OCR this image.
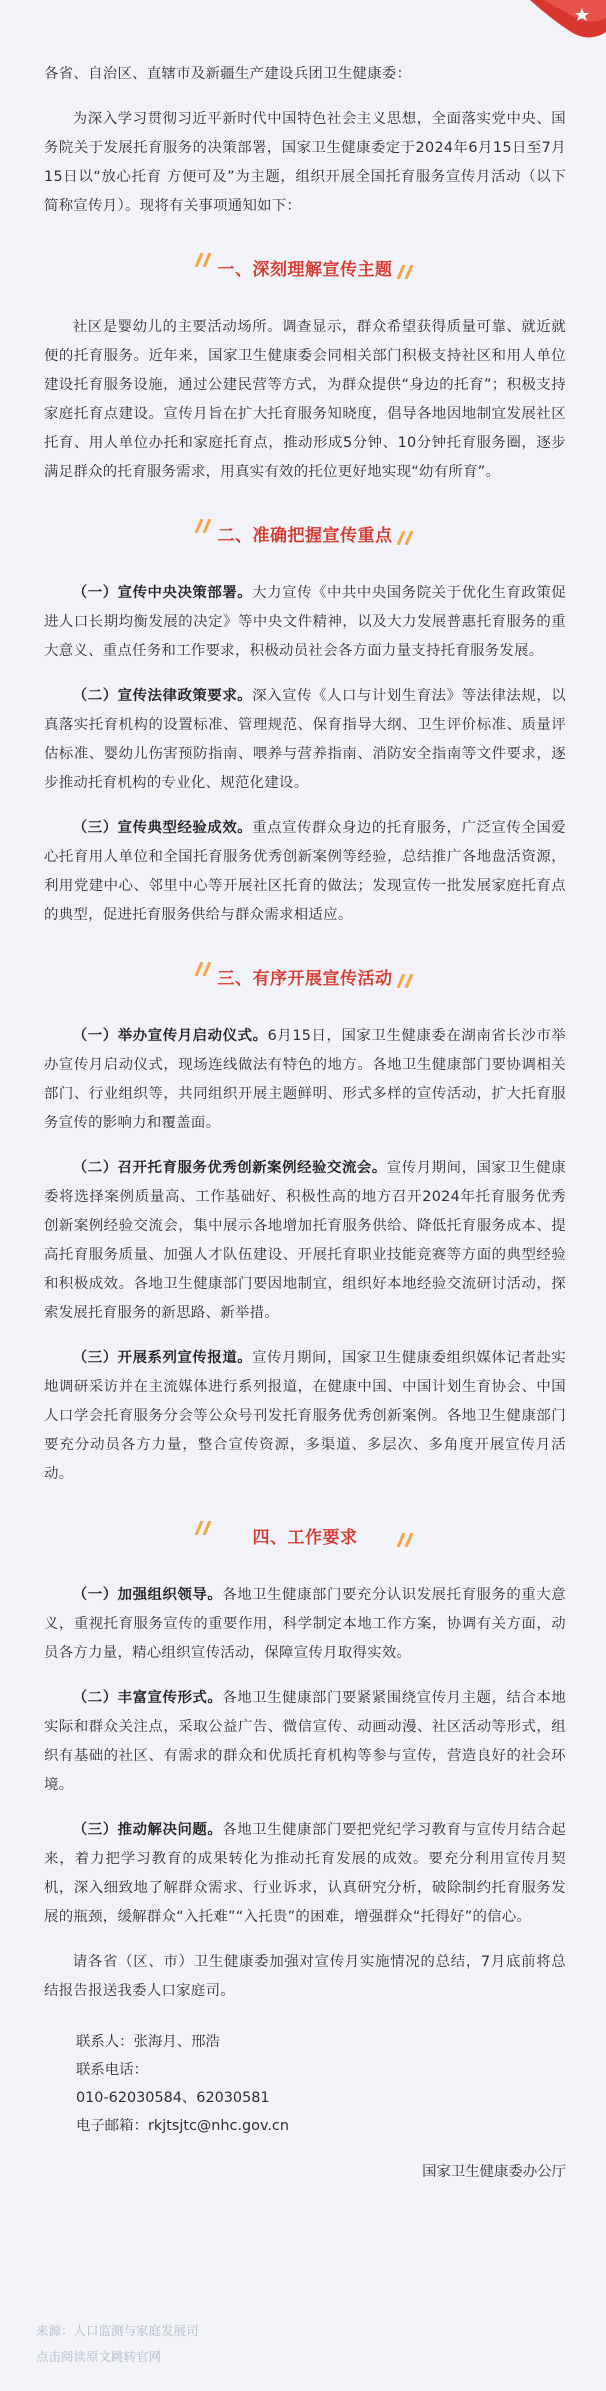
各省、自治区、直辖市及新疆生产建设兵团卫生健康委：

为深入学习贯彻习近平新时代中国特色社会主义思想，全面落实党中央、国务院关于发展托育服务的决策部署，国家卫生健康委定于2024年6月15日至7月15日以“放心托育 方便可及”为主题，组织开展全国托育服务宣传月活动（以下简称宣传月）。现将有关事项通知如下：

一、深刻理解宣传主题

社区是婴幼儿的主要活动场所。调查显示，群众希望获得质量可靠、就近就便的托育服务。近年来，国家卫生健康委会同相关部门积极支持社区和用人单位建设托育服务设施，通过公建民营等方式，为群众提供“身边的托育”；积极支持家庭托育点建设。宣传月旨在扩大托育服务知晓度，倡导各地因地制宜发展社区托育、用人单位办托和家庭托育点，推动形成5分钟、10分钟托育服务圈，逐步满足群众的托育服务需求，用真实有效的托位更好地实现“幼有所育”。

二、准确把握宣传重点

（一）宣传中央决策部署。大力宣传《中共中央国务院关于优化生育政策促进人口长期均衡发展的决定》等中央文件精神，以及大力发展普惠托育服务的重大意义、重点任务和工作要求，积极动员社会各方面力量支持托育服务发展。

（二）宣传法律政策要求。深入宣传《人口与计划生育法》等法律法规，以真落实托育机构的设置标准、管理规范、保育指导大纲、卫生评价标准、质量评估标准、婴幼儿伤害预防指南、喂养与营养指南、消防安全指南等文件要求，逐步推动托育机构的专业化、规范化建设。

（三）宣传典型经验成效。重点宣传群众身边的托育服务，广泛宣传全国爱心托育用人单位和全国托育服务优秀创新案例等经验，总结推广各地盘活资源，利用党建中心、邻里中心等开展社区托育的做法；发现宣传一批发展家庭托育点的典型，促进托育服务供给与群众需求相适应。

三、有序开展宣传活动

（一）举办宣传月启动仪式。6月15日，国家卫生健康委在湖南省长沙市举办宣传月启动仪式，现场连线做法有特色的地方。各地卫生健康部门要协调相关部门、行业组织等，共同组织开展主题鲜明、形式多样的宣传活动，扩大托育服务宣传的影响力和覆盖面。

（二）召开托育服务优秀创新案例经验交流会。宣传月期间，国家卫生健康委将选择案例质量高、工作基础好、积极性高的地方召开2024年托育服务优秀创新案例经验交流会，集中展示各地增加托育服务供给、降低托育服务成本、提高托育服务质量、加强人才队伍建设、开展托育职业技能竞赛等方面的典型经验和积极成效。各地卫生健康部门要因地制宜，组织好本地经验交流研讨活动，探索发展托育服务的新思路、新举措。

（三）开展系列宣传报道。宣传月期间，国家卫生健康委组织媒体记者赴实地调研采访并在主流媒体进行系列报道，在健康中国、中国计划生育协会、中国人口学会托育服务分会等公众号刊发托育服务优秀创新案例。各地卫生健康部门要充分动员各方力量，整合宣传资源，多渠道、多层次、多角度开展宣传月活动。

四、工作要求

（一）加强组织领导。各地卫生健康部门要充分认识发展托育服务的重大意义，重视托育服务宣传的重要作用，科学制定本地工作方案，协调有关方面，动员各方力量，精心组织宣传活动，保障宣传月取得实效。

（二）丰富宣传形式。各地卫生健康部门要紧紧围绕宣传月主题，结合本地实际和群众关注点，采取公益广告、微信宣传、动画动漫、社区活动等形式，组织有基础的社区、有需求的群众和优质托育机构等参与宣传，营造良好的社会环境。

（三）推动解决问题。各地卫生健康部门要把党纪学习教育与宣传月结合起来，着力把学习教育的成果转化为推动托育发展的成效。要充分利用宣传月契机，深入细致地了解群众需求、行业诉求，认真研究分析，破除制约托育服务发展的瓶颈，缓解群众“入托难”“入托贵”的困难，增强群众“托得好”的信心。

请各省（区、市）卫生健康委加强对宣传月实施情况的总结，7月底前将总结报告报送我委人口家庭司。

联系人：张海月、邢浩

联系电话：

010-62030584、62030581

电子邮箱：rkjtsjtc@nhc.gov.cn

国家卫生健康委办公厅
来源：人口监测与家庭发展司
点击阅读原文跳转官网
